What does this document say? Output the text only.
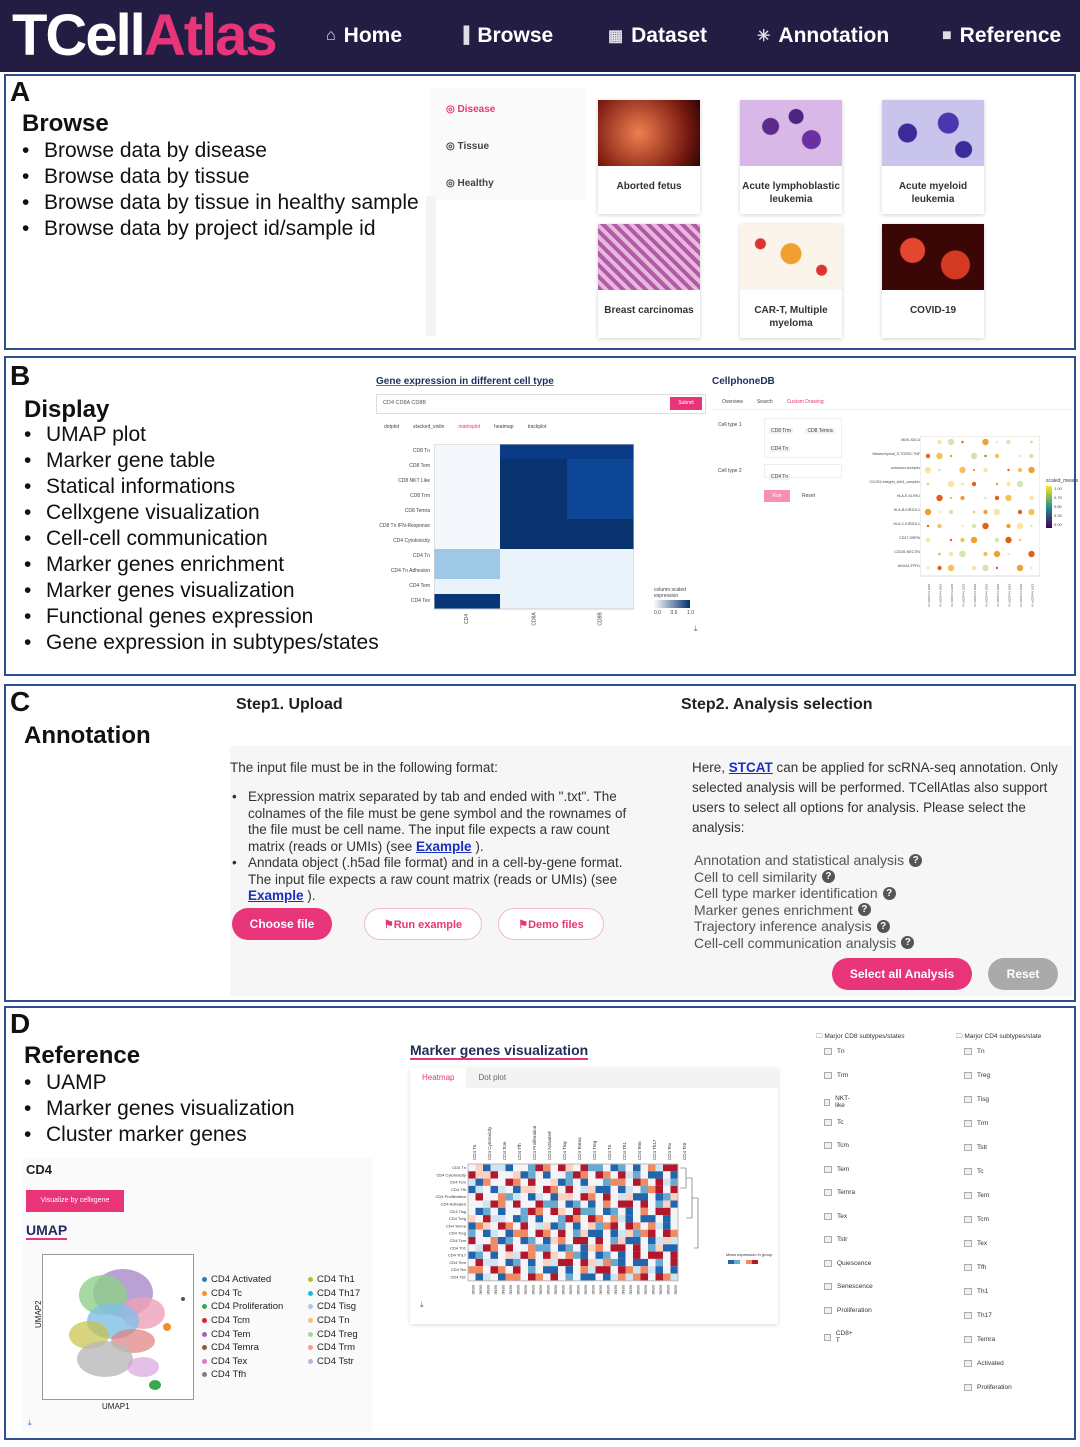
TCellAtlas	⌂ Home	▐ Browse	▦ Dataset	✳ Annotation	■ Reference
A
Browse
• Browse data by disease
• Browse data by tissue
• Browse data by tissue in healthy sample
• Browse data by project id/sample id
◎ Disease
◎ Tissue
◎ Healthy	Aborted fetus	Acute lymphoblastic leukemia
Acute myeloid leukemia
Breast carcinomas	CAR-T, Multiple myeloma
COVID-19
B
Display
• UMAP plot
• Marker gene table
• Statical informations
• Cellxgene visualization
• Cell-cell communication
• Marker genes enrichment
• Marker genes visualization
• Functional genes expression
• Gene expression in subtypes/states
Gene expression in different cell type
CD4 CD8A CD8B	Submit
dotplot	stacked_violin	matrixplot	heatmap	trackplot
CD8 Tn
CD8 Tem
CD8 NKT Like
CD8 Trm
CD8 Temra
CD8 Tn IFN-Response
CD4 Cytotoxicity
CD4 Tn
CD4 Tn Adhesion
CD4 Tem
CD4 Tex
CD4	CD8A	CD8B
column scaled expression
0.0 0.5 1.0
⤓
CellphoneDB
Overview	Search	Custom Drawing
Cell type 1
CD8 Trm	CD8 Temra CD4 Tn
Cell type 2
CD4 Tn
Run	Reset
MDK-SDC4
Mesenchymal_S-TGFB1-TNF
unknown-receptor
CXCR4-integrin_a4b1_complex
HLA-E-KLRK1
HLA-B-KIR2DL1
HLA-C-KIR2DL1
CD47-SIRPA
CD226-NECTIN
ANXA1-FPR1
CD8 Trm|CD4 Tn	CD8 Trm|CD4 Tn	CD8 Trm|CD4 Tn	CD8 Trm|CD4 Tn	CD8 Trm|CD4 Tn	CD8 Trm|CD4 Tn	CD8 Trm|CD4 Tn	CD8 Trm|CD4 Tn	CD8 Trm|CD4 Tn	CD8 Trm|CD4 Tn
scaled_means
1.00
0.75
0.50
0.25
0.00
C
Annotation
Step1. Upload	Step2. Analysis selection
The input file must be in the following format:
• Expression matrix separated by tab and ended with ".txt". The colnames of the file must be gene symbol and the rownames of the file must be cell name. The input file expects a raw count matrix (reads or UMIs) (see Example ).
• Anndata object (.h5ad file format) and in a cell-by-gene format. The input file expects a raw count matrix (reads or UMIs) (see Example ).
Choose file	⚑Run example	⚑Demo files
Here, STCAT can be applied for scRNA-seq annotation. Only selected analysis will be performed. TCellAtlas also support users to select all options for analysis. Please select the analysis:
Annotation and statistical analysis ?
Cell to cell similarity ?
Cell type marker identification ?
Marker genes enrichment ?
Trajectory inference analysis ?
Cell-cell communication analysis ?
Select all Analysis	Reset
D
Reference
• UAMP
• Marker genes visualization
• Cluster marker genes
CD4
Visualize by cellxgene
UMAP
UMAP2
UMAP1
⤓
CD4 Activated
CD4 Tc
CD4 Proliferation
CD4 Tcm
CD4 Tem
CD4 Temra
CD4 Tex
CD4 Tfh
CD4 Th1
CD4 Th17
CD4 Tisg
CD4 Tn
CD4 Treg
CD4 Trm
CD4 Tstr
Marker genes visualization
Heatmap	Dot plot
CD4 Tn CD4 Cytotoxicity CD4 Tcm CD4 Tfh CD4 Proliferation CD4 Activated CD4 Tisg CD4 Temra CD4 Treg CD4 Tn CD4 Th1 CD4 Tem CD4 Th17 CD4 Tex CD4 Tstr
CD4 Tn
CD4 Cytotoxicity
CD4 Tcm
CD4 Tfh
CD4 Proliferation
CD4 Activated
CD4 Tisg
CD4 Treg
CD4 Temra
CD4 Treg
CD4 Tcm
CD4 Th1
CD4 Th17
CD4 Tem
CD4 Tex
CD4 Tstr
Mean expression in group
GENE GENE GENE GENE GENE GENE GENE GENE GENE GENE GENE GENE GENE GENE GENE GENE GENE GENE GENE GENE GENE GENE GENE GENE GENE GENE GENE GENE
⤓
🗀 Marjor CD8 subtypes/states
Tn
Trm
NKT-like
Tc
Tcm
Tem
Temra
Tex
Tstr
Quiescence
Senescence
Proliferation
CD8+ T
🗀 Marjor CD4 subtypes/state
Tn
Treg
Tisg
Trm
Tstr
Tc
Tem
Tcm
Tex
Tfh
Th1
Th17
Temra
Activated
Proliferation
